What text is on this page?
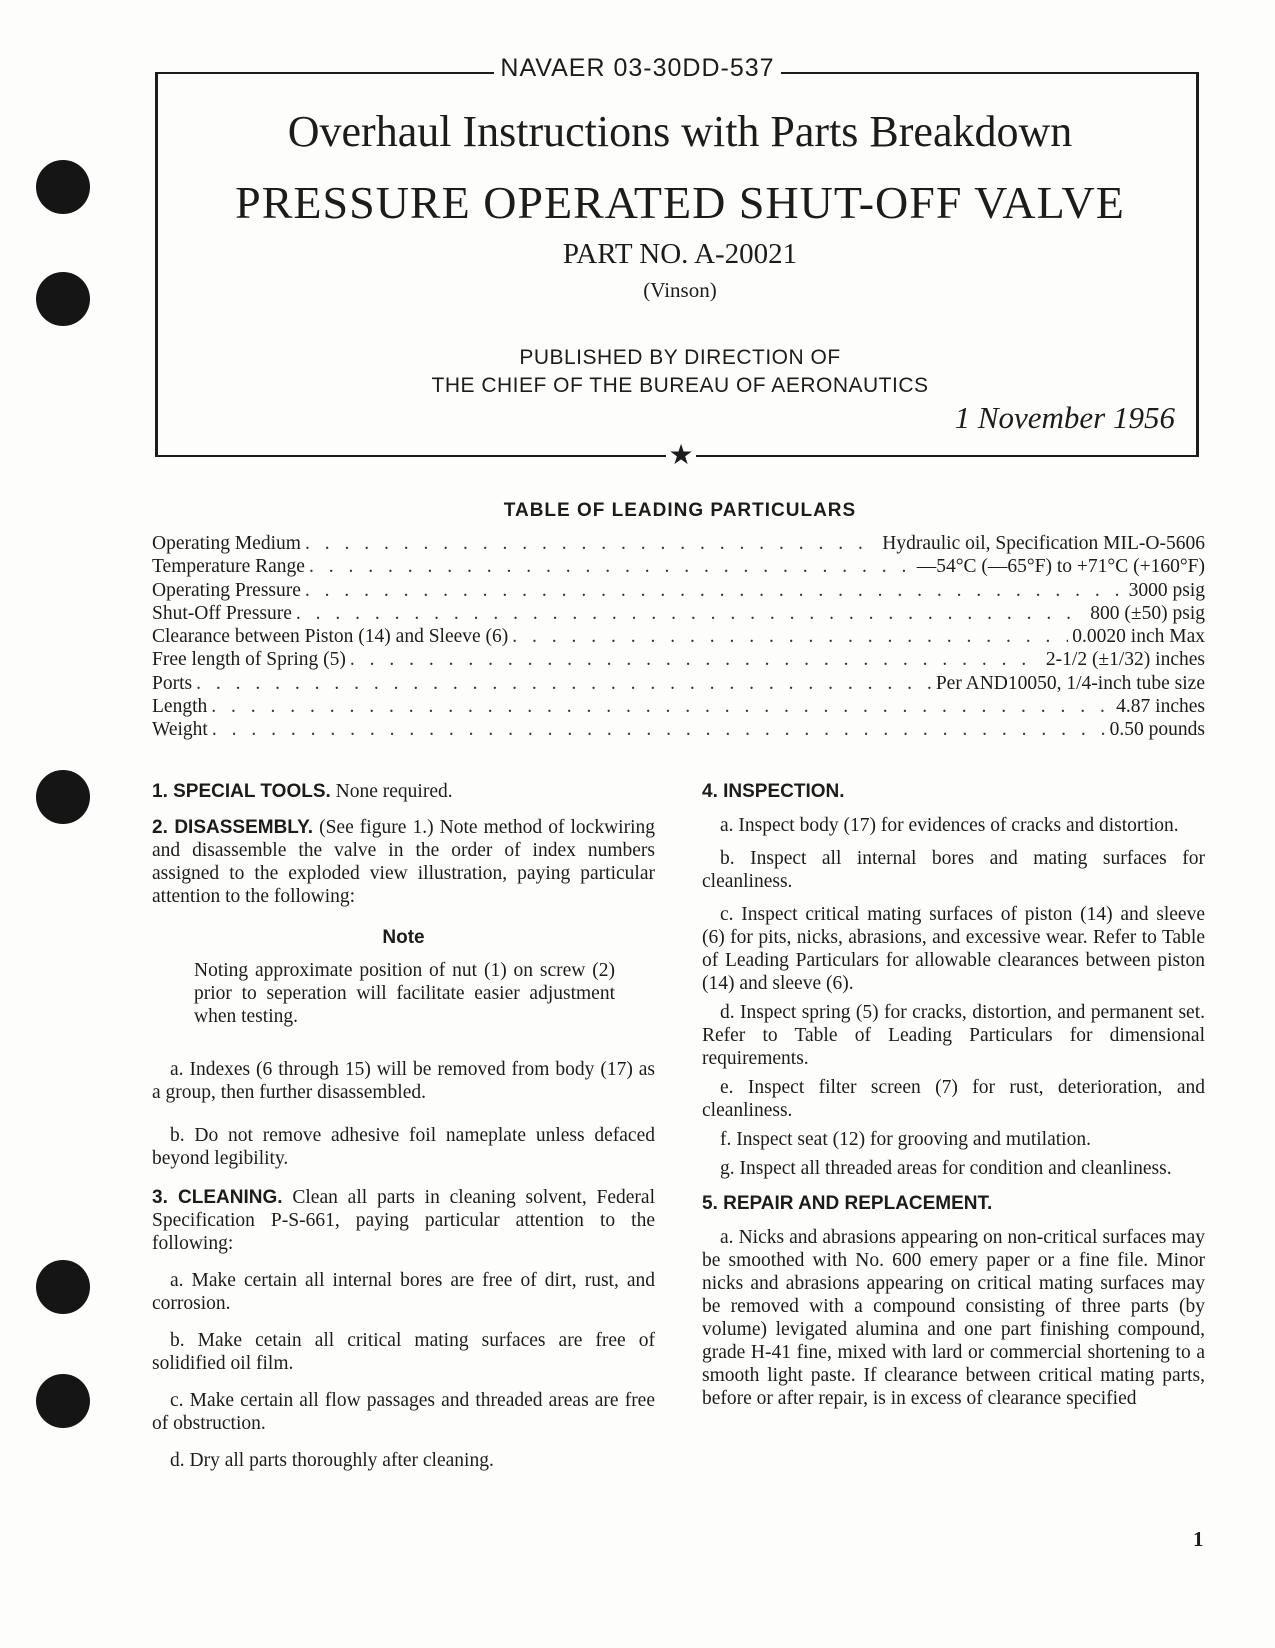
NAVAER 03-30DD-537
★
Overhaul Instructions with Parts Breakdown
PRESSURE OPERATED SHUT-OFF VALVE
PART NO. A-20021
(Vinson)
PUBLISHED BY DIRECTION OF
THE CHIEF OF THE BUREAU OF AERONAUTICS
1 November 1956
TABLE OF LEADING PARTICULARS
Operating Medium . . .	Hydraulic oil, Specification MIL-O-5606
Temperature Range . . .	—54°C (—65°F) to +71°C (+160°F)
Operating Pressure . . .	3000 psig
Shut-Off Pressure . . .	800 (±50) psig
Clearance between Piston (14) and Sleeve (6) . . .	0.0020 inch Max
Free length of Spring (5) . . .	2-1/2 (±1/32) inches
Ports . . .	Per AND10050, 1/4-inch tube size
Length . . .	4.87 inches
Weight . . .	0.50 pounds

1. SPECIAL TOOLS. None required.

2. DISASSEMBLY. (See figure 1.) Note method of lockwiring and disassemble the valve in the order of index numbers assigned to the exploded view illustration, paying particular attention to the following:

Note

Noting approximate position of nut (1) on screw (2) prior to seperation will facilitate easier adjustment when testing.

a. Indexes (6 through 15) will be removed from body (17) as a group, then further disassembled.

b. Do not remove adhesive foil nameplate unless defaced beyond legibility.

3. CLEANING. Clean all parts in cleaning solvent, Federal Specification P-S-661, paying particular attention to the following:

a. Make certain all internal bores are free of dirt, rust, and corrosion.

b. Make cetain all critical mating surfaces are free of solidified oil film.

c. Make certain all flow passages and threaded areas are free of obstruction.

d. Dry all parts thoroughly after cleaning.

4. INSPECTION.

a. Inspect body (17) for evidences of cracks and distortion.

b. Inspect all internal bores and mating surfaces for cleanliness.

c. Inspect critical mating surfaces of piston (14) and sleeve (6) for pits, nicks, abrasions, and excessive wear. Refer to Table of Leading Particulars for allowable clearances between piston (14) and sleeve (6).

d. Inspect spring (5) for cracks, distortion, and permanent set. Refer to Table of Leading Particulars for dimensional requirements.

e. Inspect filter screen (7) for rust, deterioration, and cleanliness.

f. Inspect seat (12) for grooving and mutilation.

g. Inspect all threaded areas for condition and cleanliness.

5. REPAIR AND REPLACEMENT.

a. Nicks and abrasions appearing on non-critical surfaces may be smoothed with No. 600 emery paper or a fine file. Minor nicks and abrasions appearing on critical mating surfaces may be removed with a compound consisting of three parts (by volume) levigated alumina and one part finishing compound, grade H-41 fine, mixed with lard or commercial shortening to a smooth light paste. If clearance between critical mating parts, before or after repair, is in excess of clearance specified

1
